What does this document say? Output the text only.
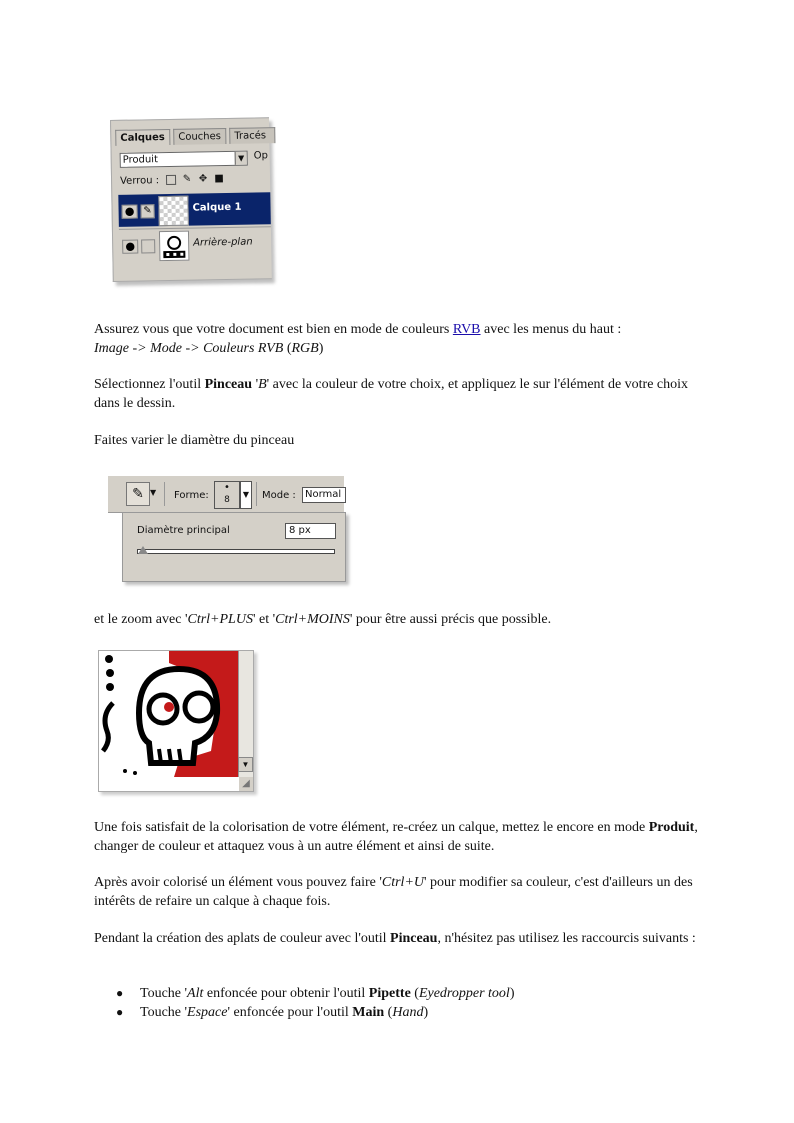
Calques	Couches	Tracés
Produit	▼ Op
Verrou : ✎ ✥ ■
● ✎	Calque 1
●	Arrière-plan

Assurez vous que votre document est bien en mode de couleurs RVB avec les menus du haut :
Image -> Mode -> Couleurs RVB (RGB)

Sélectionnez l'outil Pinceau 'B' avec la couleur de votre choix, et appliquez le sur l'élément de votre choix dans le dessin.

Faites varier le diamètre du pinceau

✎ ▼ Forme:
•
8
▼ Mode : Normal
Diamètre principal	8 px

et le zoom avec 'Ctrl+PLUS' et 'Ctrl+MOINS' pour être aussi précis que possible.

▼
◢

Une fois satisfait de la colorisation de votre élément, re-créez un calque, mettez le encore en mode Produit, changer de couleur et attaquez vous à un autre élément et ainsi de suite.

Après avoir colorisé un élément vous pouvez faire 'Ctrl+U' pour modifier sa couleur, c'est d'ailleurs un des intérêts de refaire un calque à chaque fois.

Pendant la création des aplats de couleur avec l'outil Pinceau, n'hésitez pas utilisez les raccourcis suivants :

● Touche 'Alt enfoncée pour obtenir l'outil Pipette (Eyedropper tool)
● Touche 'Espace' enfoncée pour l'outil Main (Hand)
